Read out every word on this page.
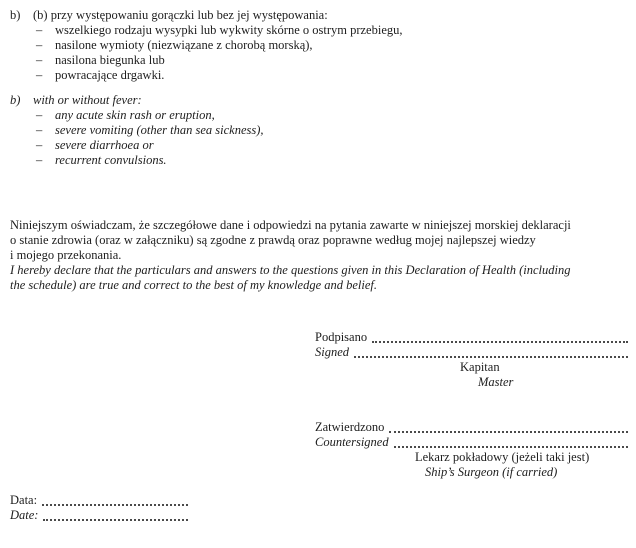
b)	(b) przy występowaniu gorączki lub bez jej występowania:
–	wszelkiego rodzaju wysypki lub wykwity skórne o ostrym przebiegu,
–	nasilone wymioty (niezwiązane z chorobą morską),
–	nasilona biegunka lub
–	powracające drgawki.
b)	with or without fever:
–	any acute skin rash or eruption,
–	severe vomiting (other than sea sickness),
–	severe diarrhoea or
–	recurrent convulsions.
Niniejszym oświadczam, że szczegółowe dane i odpowiedzi na pytania zawarte w niniejszej morskiej deklaracji
o stanie zdrowia (oraz w załączniku) są zgodne z prawdą oraz poprawne według mojej najlepszej wiedzy
i mojego przekonania.
I hereby declare that the particulars and answers to the questions given in this Declaration of Health (including
the schedule) are true and correct to the best of my knowledge and belief.
Podpisano
Signed
Kapitan
Master
Zatwierdzono
Countersigned
Lekarz pokładowy (jeżeli taki jest)
Ship’s Surgeon (if carried)
Data:
Date:
